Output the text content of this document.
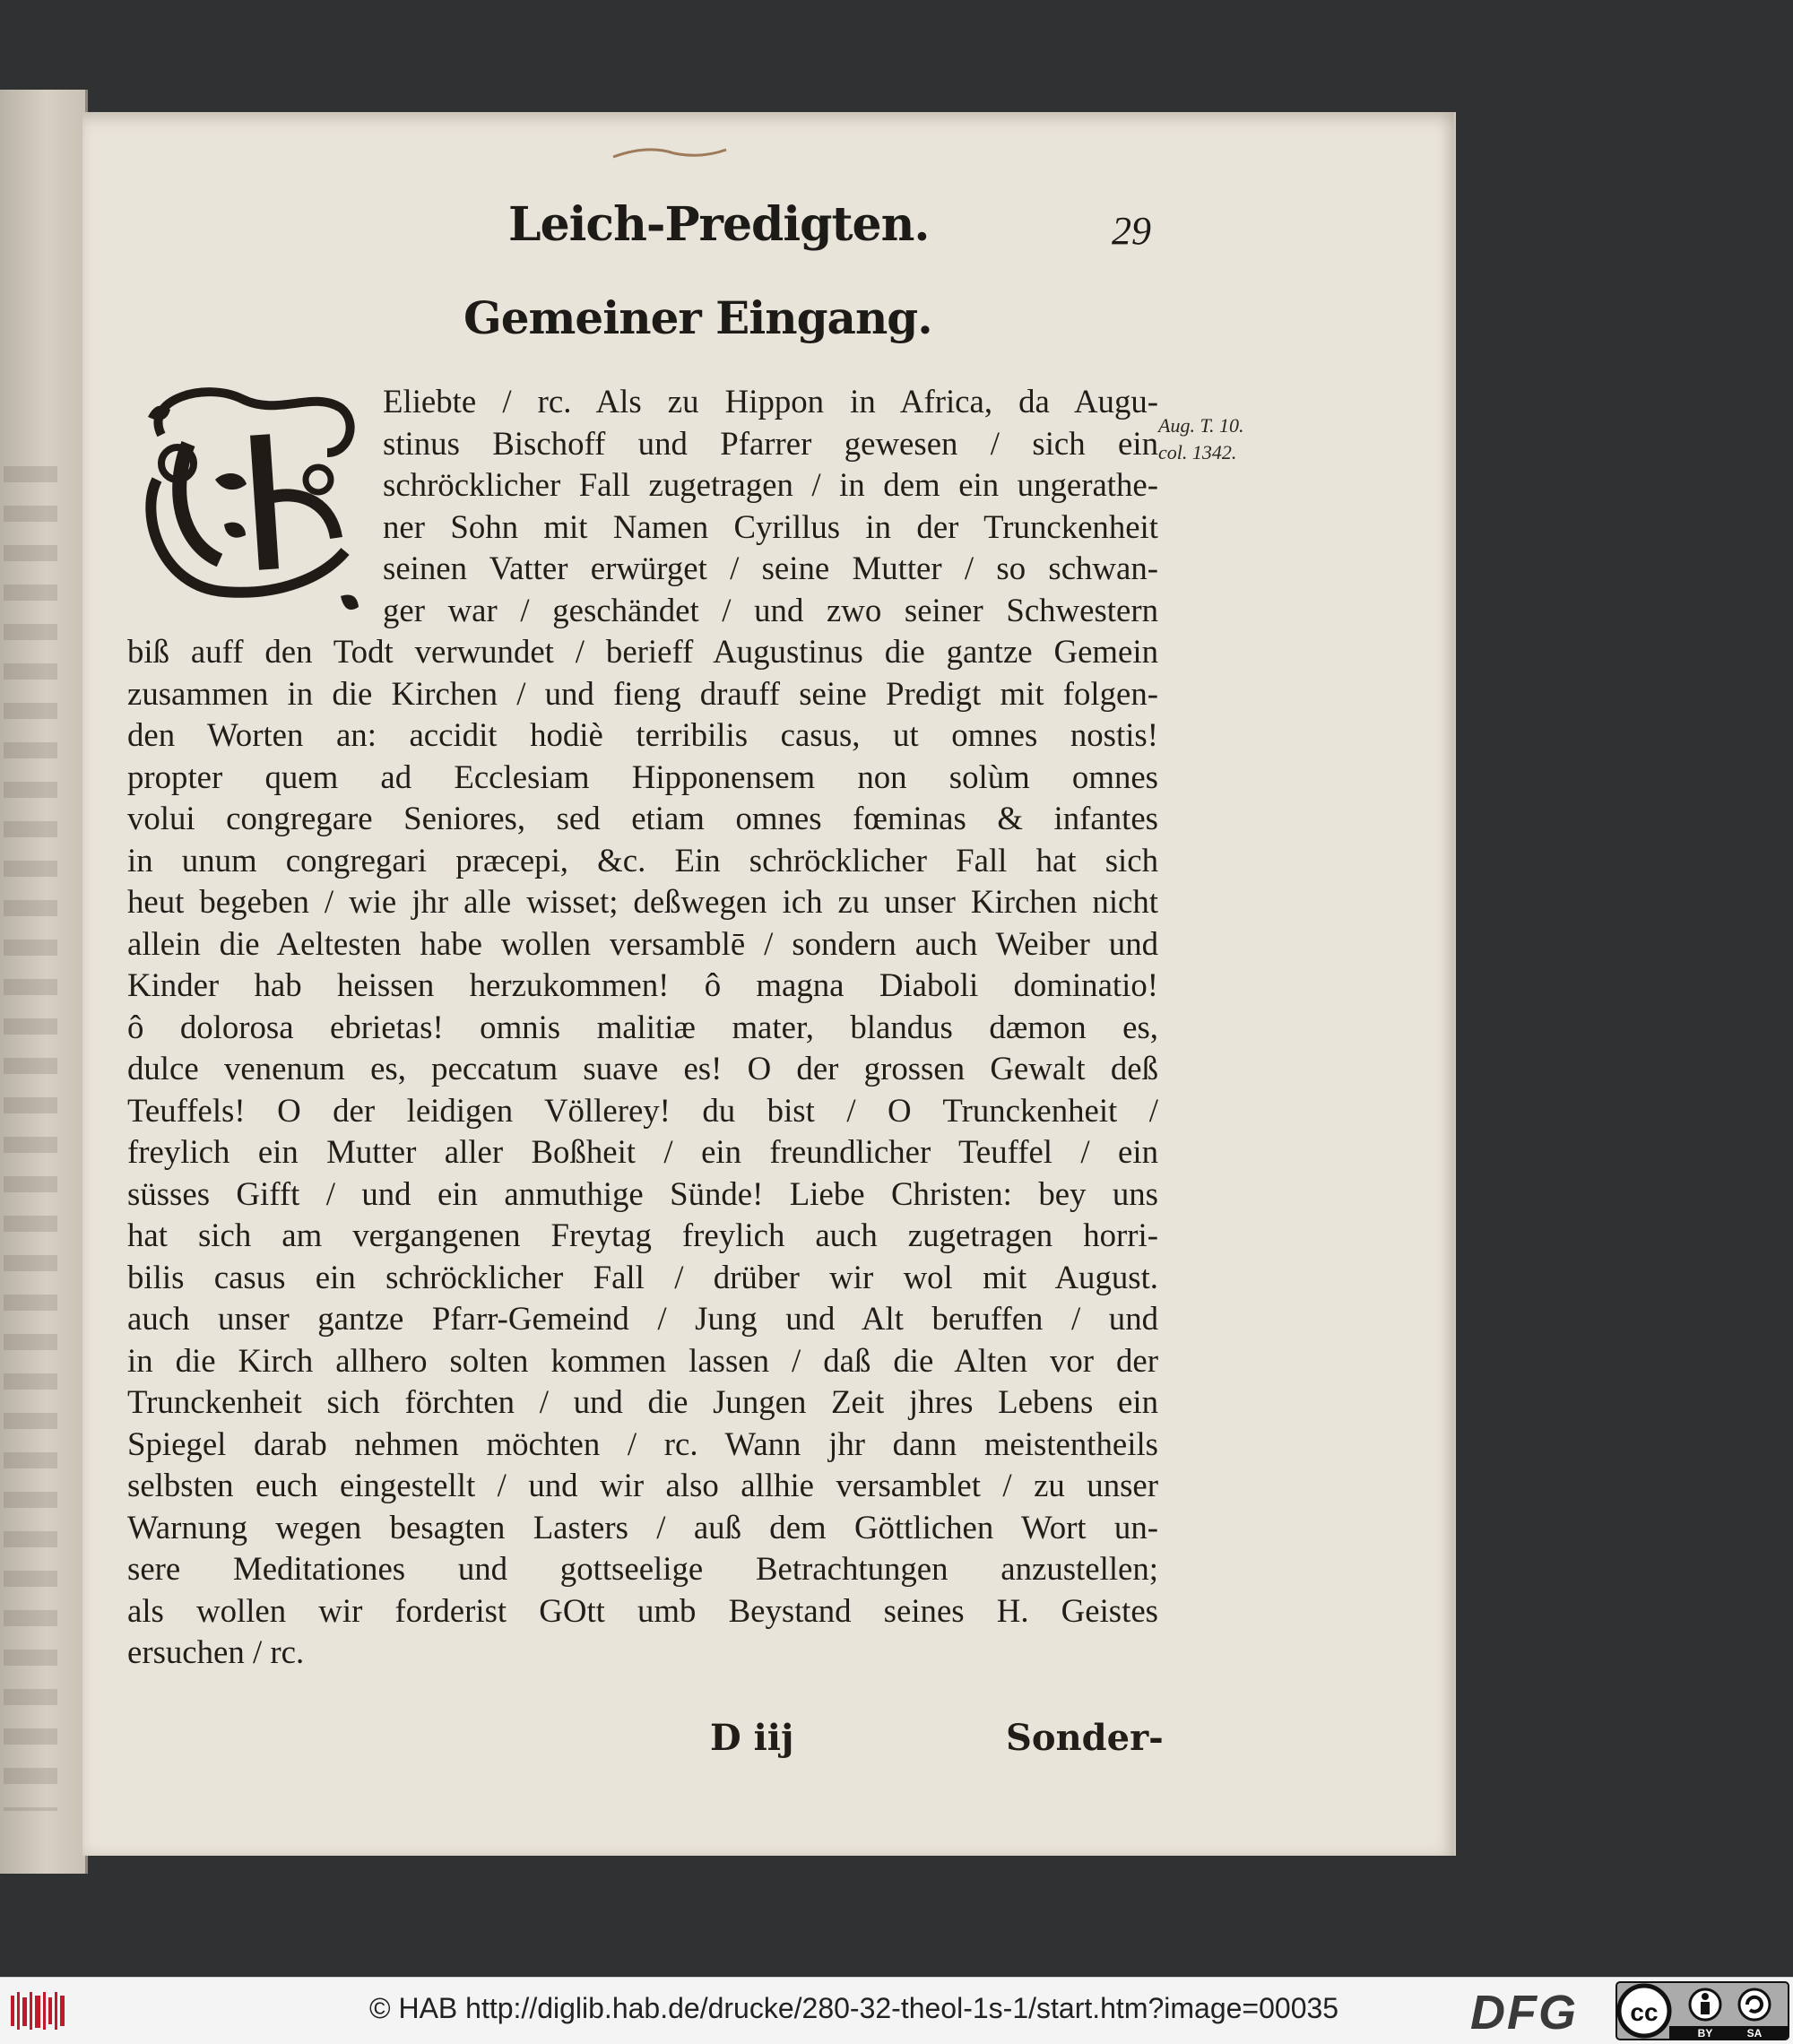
Leich-Predigten.	29
Gemeiner Eingang.
Aug. T. 10.
col. 1342.
Eliebte / rc. Als zu Hippon in Africa, da Augu-
stinus Bischoff und Pfarrer gewesen / sich ein
schröcklicher Fall zugetragen / in dem ein ungerathe-
ner Sohn mit Namen Cyrillus in der Trunckenheit
seinen Vatter erwürget / seine Mutter / so schwan-
ger war / geschändet / und zwo seiner Schwestern
biß auff den Todt verwundet / berieff Augustinus die gantze Gemein
zusammen in die Kirchen / und fieng drauff seine Predigt mit folgen-
den Worten an: accidit hodiè terribilis casus, ut omnes nostis!
propter quem ad Ecclesiam Hipponensem non solùm omnes
volui congregare Seniores, sed etiam omnes fœminas & infantes
in unum congregari præcepi, &c. Ein schröcklicher Fall hat sich
heut begeben / wie jhr alle wisset; deßwegen ich zu unser Kirchen nicht
allein die Aeltesten habe wollen versamblē / sondern auch Weiber und
Kinder hab heissen herzukommen! ô magna Diaboli dominatio!
ô dolorosa ebrietas! omnis malitiæ mater, blandus dæmon es,
dulce venenum es, peccatum suave es! O der grossen Gewalt deß
Teuffels! O der leidigen Völlerey! du bist / O Trunckenheit /
freylich ein Mutter aller Boßheit / ein freundlicher Teuffel / ein
süsses Gifft / und ein anmuthige Sünde! Liebe Christen: bey uns
hat sich am vergangenen Freytag freylich auch zugetragen horri-
bilis casus ein schröcklicher Fall / drüber wir wol mit August.
auch unser gantze Pfarr-Gemeind / Jung und Alt beruffen / und
in die Kirch allhero solten kommen lassen / daß die Alten vor der
Trunckenheit sich förchten / und die Jungen Zeit jhres Lebens ein
Spiegel darab nehmen möchten / rc. Wann jhr dann meistentheils
selbsten euch eingestellt / und wir also allhie versamblet / zu unser
Warnung wegen besagten Lasters / auß dem Göttlichen Wort un-
sere Meditationes und gottseelige Betrachtungen anzustellen;
als wollen wir forderist GOtt umb Beystand seines H. Geistes
ersuchen / rc.
D iij	Sonder-
© HAB http://diglib.hab.de/drucke/280-32-theol-1s-1/start.htm?image=00035	DFG cc
BY	SA
